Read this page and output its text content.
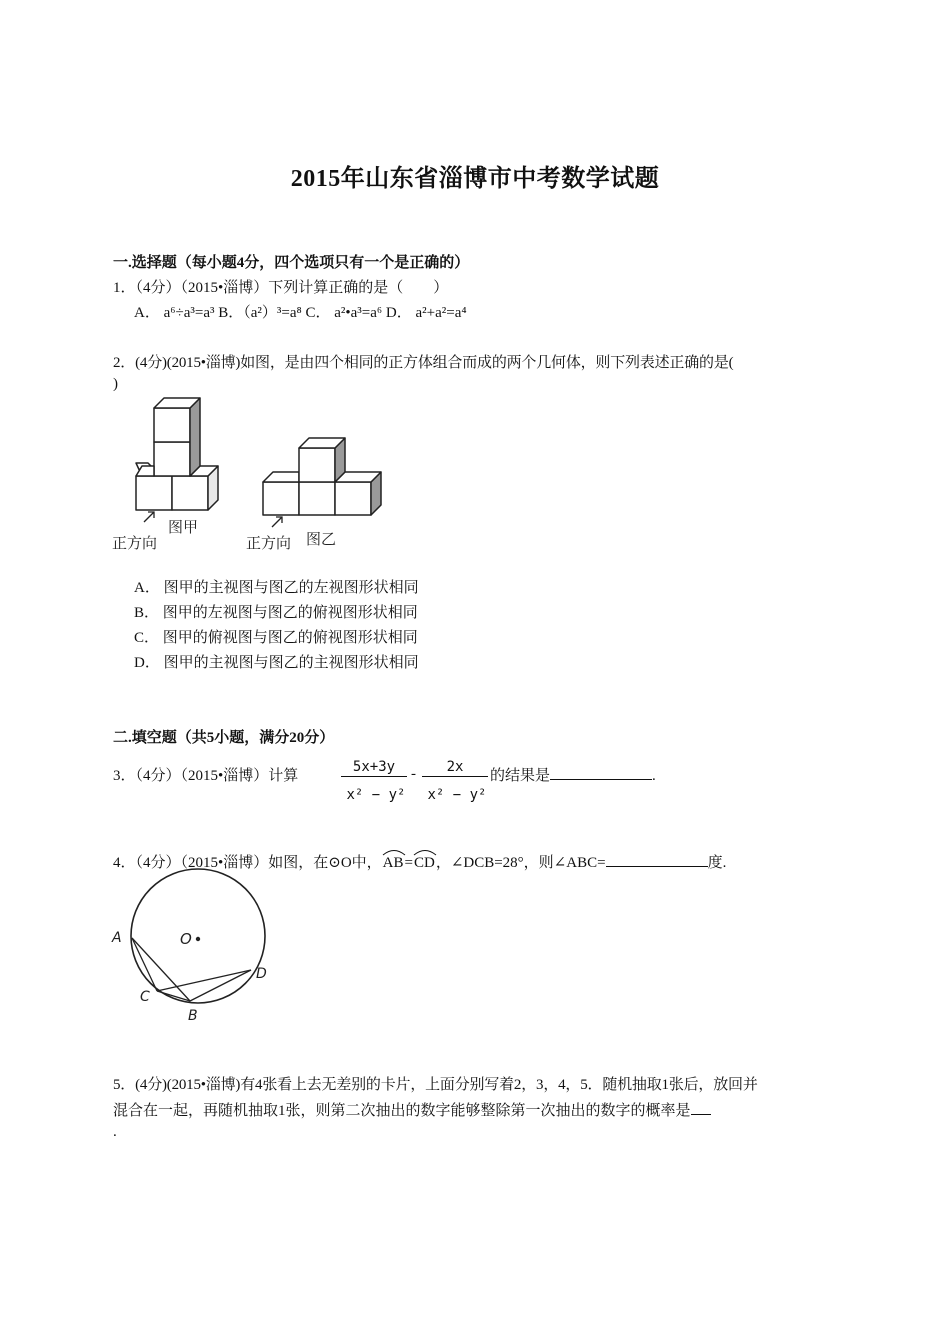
2015年山东省淄博市中考数学试题
一.选择题（每小题4分，四个选项只有一个是正确的）
1．（4分）（2015•淄博）下列计算正确的是（　　）
A． a⁶÷a³=a³ B．（a²）³=a⁸ C． a²•a³=a⁶ D． a²+a²=a⁴
2．(4分)(2015•淄博)如图，是由四个相同的正方体组合而成的两个几何体，则下列表述正确的是(
)
正方向
图甲
正方向 图乙
A． 图甲的主视图与图乙的左视图形状相同
B． 图甲的左视图与图乙的俯视图形状相同
C． 图甲的俯视图与图乙的俯视图形状相同
D． 图甲的主视图与图乙的主视图形状相同
二.填空题（共5小题，满分20分）
3．（4分）（2015•淄博）计算
5x+3y
x² − y²
-	2x
x² − y²
的结果是	.
4．（4分）（2015•淄博）如图，在⊙O中，
AB=
CD，∠DCB=28°，则∠ABC=	度.
O
A
C
B
D
5．(4分)(2015•淄博)有4张看上去无差别的卡片，上面分别写着2，3，4，5．随机抽取1张后，放回并
混合在一起，再随机抽取1张，则第二次抽出的数字能够整除第一次抽出的数字的概率是
.
